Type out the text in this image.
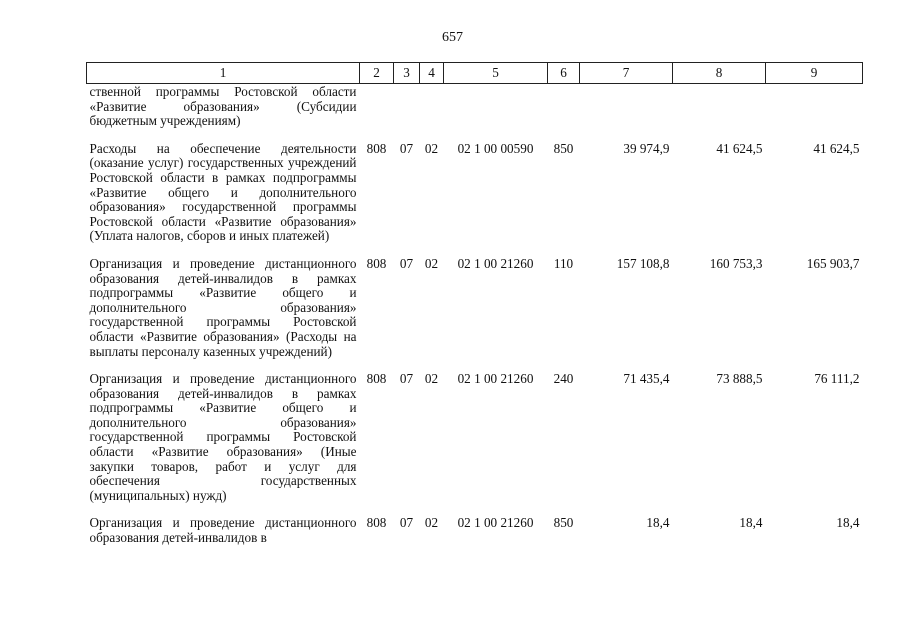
657
1	2	3	4	5	6	7	8	9
ственной программы Ростовской области «Развитие образования» (Субсидии бюджетным учреждениям)								
Расходы на обеспечение деятельности (оказание услуг) государственных учреждений Ростовской области в рамках подпрограммы «Развитие общего и дополнительного образования» государственной программы Ростовской области «Развитие образования» (Уплата налогов, сборов и иных платежей)	808	07	02	02 1 00 00590	850	39 974,9	41 624,5	41 624,5
Организация и проведение дистанционного образования детей-инвалидов в рамках подпрограммы «Развитие общего и дополнительного образования» государственной программы Ростовской области «Развитие образования» (Расходы на выплаты персоналу казенных учреждений)	808	07	02	02 1 00 21260	110	157 108,8	160 753,3	165 903,7
Организация и проведение дистанционного образования детей-инвалидов в рамках подпрограммы «Развитие общего и дополнительного образования» государственной программы Ростовской области «Развитие образования» (Иные закупки товаров, работ и услуг для обеспечения государственных (муниципальных) нужд)	808	07	02	02 1 00 21260	240	71 435,4	73 888,5	76 111,2
Организация и проведение дистанционного образования детей-инвалидов в	808	07	02	02 1 00 21260	850	18,4	18,4	18,4
